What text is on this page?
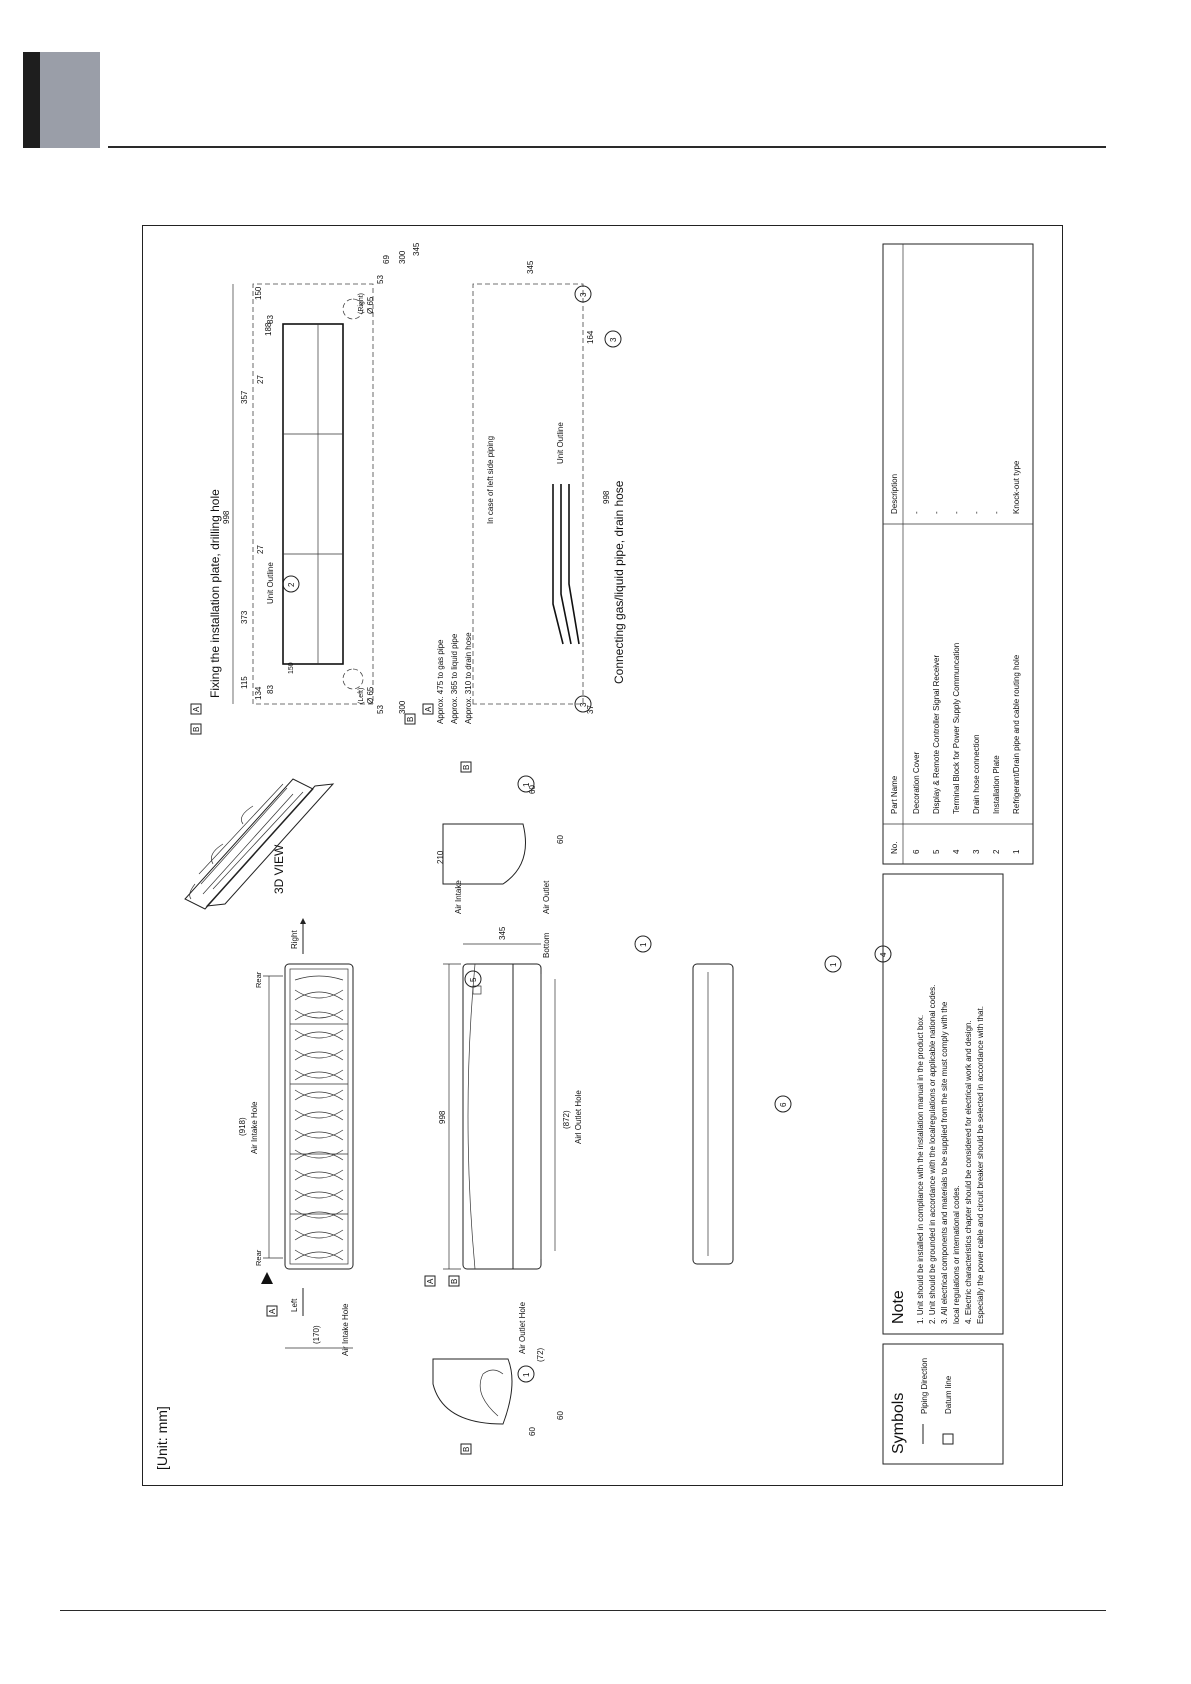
[Unit: mm]
(918) Air Intake Hole
Rear
Rear
Left
Right
(170)	Air Intake Hole
A
3D VIEW
998
345
(872) Airl Outlet Hole
Bottom
A B
60
60
(72)
Air Outlet Hole
B
Air Intake
210
Air Outlet
60
60
B
998
373
357
115
188
53
53
69
300
300
345
Ø 65
(Left)
Ø 65
(Right)
83
83
134
150
27
27
150
Unit Outline
Fixing the installation plate, drilling hole
A
B
Approx. 475 to gas pipe Approx. 365 to liquid pipe Approx. 310 to drain hose
In case of left side piping	998
345
37
164
Unit Outline
Connecting gas/liquid pipe, drain hose
A
B
1
1
1
1
2
3
3
3
4
5
6
Symbols
Piping Direction Datum line
Note 1. Unit should be installed in compliance with the installation manual in the product box. 2. Unit should be grounded in accordance with the localregulations or applicable national codes. 3. All electrical components and materials to be supplied from the site must comply with the local regulations or international codes. 4. Electric characteristics chapter should be considered for electrical work and design. Especially the power cable and circuit breaker should be selected in accordance with that.
No.
Part Name
Description
6
Decoration Cover
-
5
Display & Remote Controller Signal Receiver
-
4
Terminal Block for Power Supply Communcation
-
3
Drain hose connection
-
2
Installation Plate
-
1
Refrigerant/Drain pipe and cable routing hole
Knock-out type
